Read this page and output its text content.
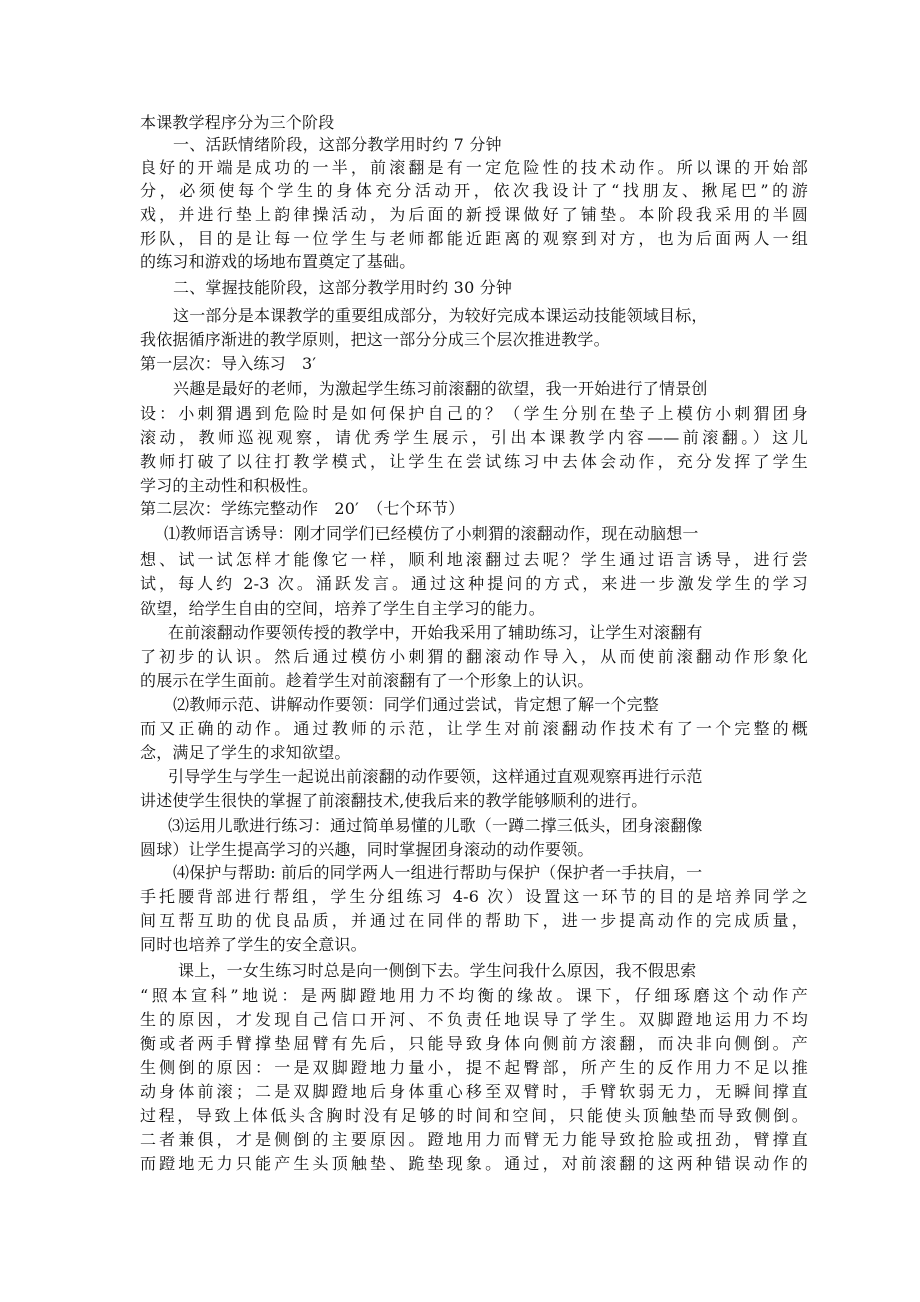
本课教学程序分为三个阶段
一、活跃情绪阶段，这部分教学用时约 7 分钟
良好的开端是成功的一半，前滚翻是有一定危险性的技术动作。所以课的开始部
分，必须使每个学生的身体充分活动开，依次我设计了“找朋友、揪尾巴”的游
戏，并进行垫上韵律操活动，为后面的新授课做好了铺垫。本阶段我采用的半圆
形队，目的是让每一位学生与老师都能近距离的观察到对方，也为后面两人一组
的练习和游戏的场地布置奠定了基础。
二、掌握技能阶段，这部分教学用时约 30 分钟
这一部分是本课教学的重要组成部分，为较好完成本课运动技能领域目标，
我依据循序渐进的教学原则，把这一部分分成三个层次推进教学。
第一层次：导入练习　3′
兴趣是最好的老师，为激起学生练习前滚翻的欲望，我一开始进行了情景创
设：小刺猬遇到危险时是如何保护自己的？（学生分别在垫子上模仿小刺猬团身
滚动，教师巡视观察，请优秀学生展示，引出本课教学内容——前滚翻。）这儿
教师打破了以往打教学模式，让学生在尝试练习中去体会动作，充分发挥了学生
学习的主动性和积极性。
第二层次：学练完整动作　20′　（七个环节）
⑴教师语言诱导：刚才同学们已经模仿了小刺猬的滚翻动作，现在动脑想一
想、试一试怎样才能像它一样，顺利地滚翻过去呢？学生通过语言诱导，进行尝
试，每人约 2-3 次。涌跃发言。通过这种提问的方式，来进一步激发学生的学习
欲望，给学生自由的空间，培养了学生自主学习的能力。
在前滚翻动作要领传授的教学中，开始我采用了辅助练习，让学生对滚翻有
了初步的认识。然后通过模仿小刺猬的翻滚动作导入，从而使前滚翻动作形象化
的展示在学生面前。趁着学生对前滚翻有了一个形象上的认识。
⑵教师示范、讲解动作要领：同学们通过尝试，肯定想了解一个完整
而又正确的动作。通过教师的示范，让学生对前滚翻动作技术有了一个完整的概
念，满足了学生的求知欲望。
引导学生与学生一起说出前滚翻的动作要领，这样通过直观观察再进行示范
讲述使学生很快的掌握了前滚翻技术,使我后来的教学能够顺利的进行。
⑶运用儿歌进行练习：通过简单易懂的儿歌（一蹲二撑三低头，团身滚翻像
圆球）让学生提高学习的兴趣，同时掌握团身滚动的动作要领。
⑷保护与帮助: 前后的同学两人一组进行帮助与保护（保护者一手扶肩，一
手托腰背部进行帮组，学生分组练习 4-6 次）设置这一环节的目的是培养同学之
间互帮互助的优良品质，并通过在同伴的帮助下，进一步提高动作的完成质量，
同时也培养了学生的安全意识。
课上，一女生练习时总是向一侧倒下去。学生问我什么原因，我不假思索
“照本宣科”地说：是两脚蹬地用力不均衡的缘故。课下，仔细琢磨这个动作产
生的原因，才发现自己信口开河、不负责任地误导了学生。双脚蹬地运用力不均
衡或者两手臂撑垫屈臂有先后，只能导致身体向侧前方滚翻，而决非向侧倒。产
生侧倒的原因：一是双脚蹬地力量小，提不起臀部，所产生的反作用力不足以推
动身体前滚；二是双脚蹬地后身体重心移至双臂时，手臂软弱无力，无瞬间撑直
过程，导致上体低头含胸时没有足够的时间和空间，只能使头顶触垫而导致侧倒。
二者兼俱，才是侧倒的主要原因。蹬地用力而臂无力能导致抢脸或扭劲，臂撑直
而蹬地无力只能产生头顶触垫、跪垫现象。通过，对前滚翻的这两种错误动作的
